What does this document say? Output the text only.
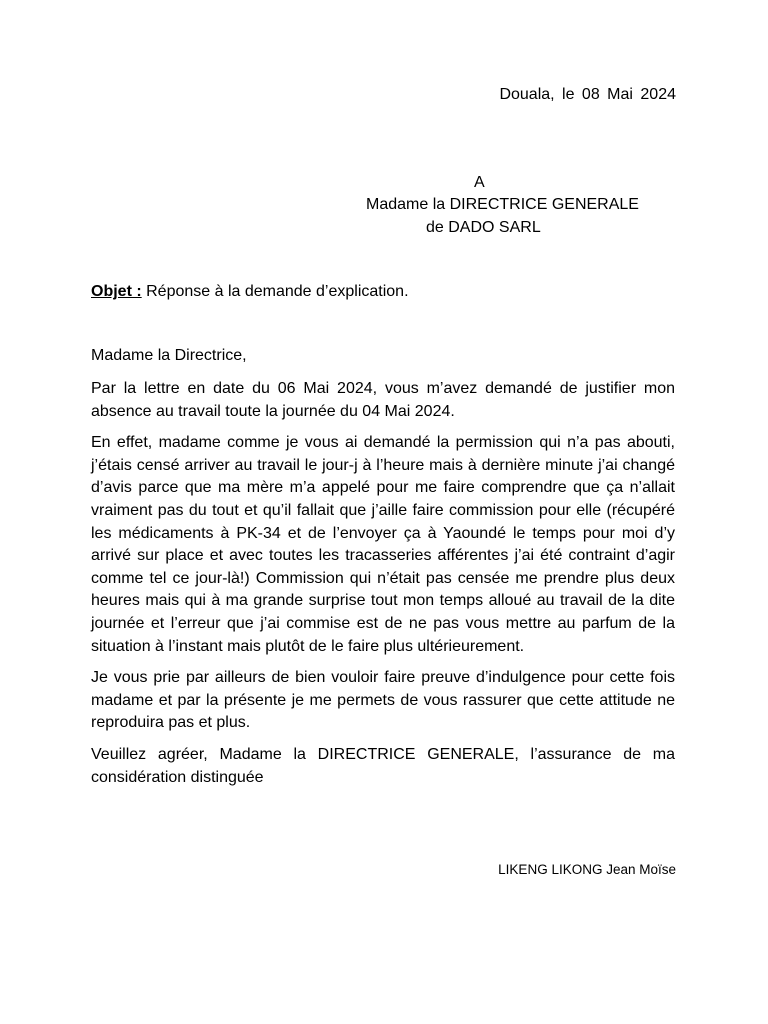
Douala, le 08 Mai 2024
A
Madame la DIRECTRICE GENERALE
de DADO SARL
Objet : Réponse à la demande d’explication.
Madame la Directrice,

Par la lettre en date du 06 Mai 2024, vous m’avez demandé de justifier mon absence au travail toute la journée du 04 Mai 2024.

En effet, madame comme je vous ai demandé la permission qui n’a pas abouti, j’étais censé arriver au travail le jour-j à l’heure mais à dernière minute j’ai changé d’avis parce que ma mère m’a appelé pour me faire comprendre que ça n’allait vraiment pas du tout et qu’il fallait que j’aille faire commission pour elle (récupéré les médicaments à PK-34 et de l’envoyer ça à Yaoundé le temps pour moi d’y arrivé sur place et avec toutes les tracasseries afférentes j’ai été contraint d’agir comme tel ce jour-là!) Commission qui n’était pas censée me prendre plus deux heures mais qui à ma grande surprise tout mon temps alloué au travail de la dite journée et l’erreur que j’ai commise est de ne pas vous mettre au parfum de la situation à l’instant mais plutôt de le faire plus ultérieurement.

Je vous prie par ailleurs de bien vouloir faire preuve d’indulgence pour cette fois madame et par la présente je me permets de vous rassurer que cette attitude ne reproduira pas et plus.

Veuillez agréer, Madame la DIRECTRICE GENERALE, l’assurance de ma considération distinguée

LIKENG LIKONG Jean Moïse
